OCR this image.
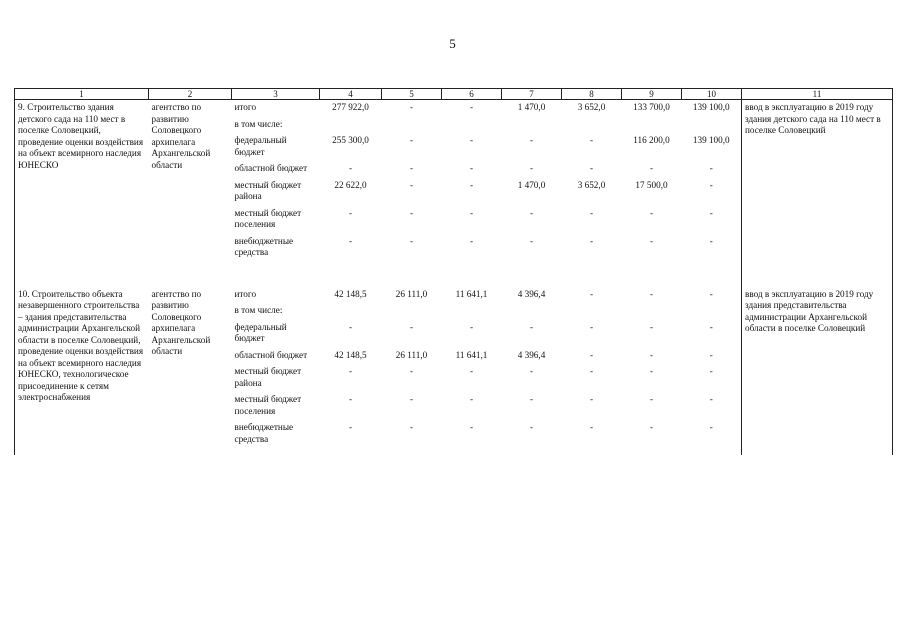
5
1	2	3	4	5	6	7	8	9	10	11
9. Строительство здания детского сада на 110 мест в поселке Соловецкий, проведение оценки воздействия на объект всемирного наследия ЮНЕСКО	агентство по развитию Соловецкого архипелага Архангельской области	итого	277 922,0	-	-	1 470,0	3 652,0	133 700,0	139 100,0	ввод в эксплуатацию в 2019 году здания детского сада на 110 мест в поселке Соловецкий
		в том числе:								
		федеральный бюджет	255 300,0	-	-	-	-	116 200,0	139 100,0	
		областной бюджет	-	-	-	-	-	-	-	
		местный бюджет района	22 622,0	-	-	1 470,0	3 652,0	17 500,0	-	
		местный бюджет поселения	-	-	-	-	-	-	-	
		внебюджетные средства	-	-	-	-	-	-	-	
10. Строительство объекта незавершенного строительства – здания представительства администрации Архангельской области в поселке Соловецкий, проведение оценки воздействия на объект всемирного наследия ЮНЕСКО, технологическое присоединение к сетям электроснабжения	агентство по развитию Соловецкого архипелага Архангельской области	итого	42 148,5	26 111,0	11 641,1	4 396,4	-	-	-	ввод в эксплуатацию в 2019 году здания представительства администрации Архангельской области в поселке Соловецкий
		в том числе:								
		федеральный бюджет	-	-	-	-	-	-	-	
		областной бюджет	42 148,5	26 111,0	11 641,1	4 396,4	-	-	-	
		местный бюджет района	-	-	-	-	-	-	-	
		местный бюджет поселения	-	-	-	-	-	-	-	
		внебюджетные средства	-	-	-	-	-	-	-	
